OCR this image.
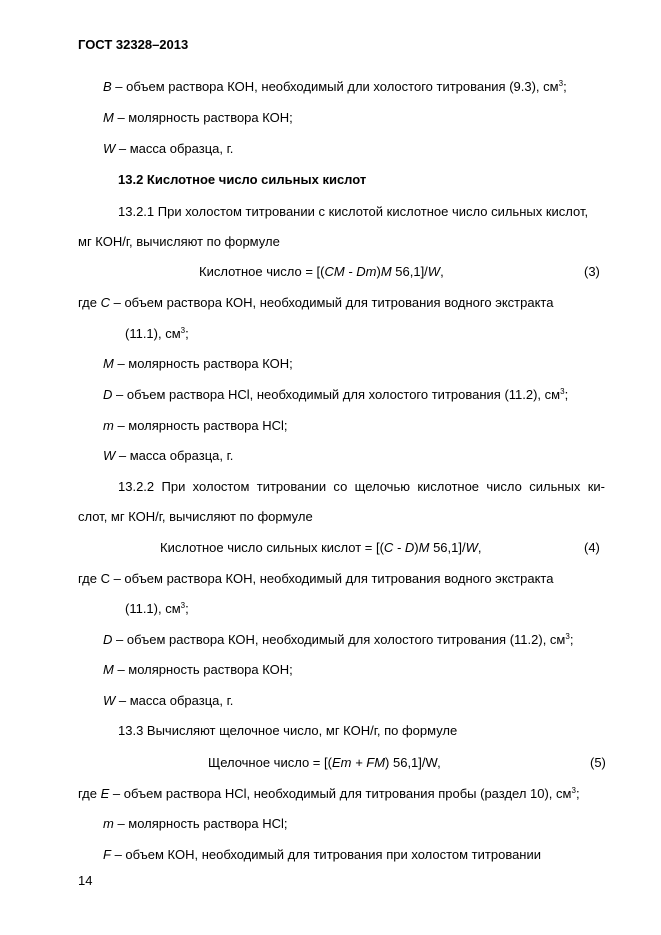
ГОСТ 32328–2013
B – объем раствора КОН, необходимый дли холостого титрования (9.3), $см^3$;
M – молярность раствора КОН;
W – масса образца, г.
13.2 Кислотное число сильных кислот
13.2.1 При холостом титровании с кислотой кислотное число сильных кислот,
мг КОН/г, вычисляют по формуле
Кислотное число = [(CM - Dm)M 56,1]/W,	(3)
где C – объем раствора КОН, необходимый для титрования водного экстракта
(11.1), $см^3$;
M – молярность раствора КОН;
D – объем раствора НСl, необходимый для холостого титрования (11.2), $см^3$;
m – молярность раствора НСl;
W – масса образца, г.
13.2.2 При холостом титровании со щелочью кислотное число сильных ки-
слот, мг КОН/г, вычисляют по формуле
Кислотное число сильных кислот = [(C - D)M 56,1]/W,	(4)
где С – объем раствора КОН, необходимый для титрования водного экстракта
(11.1), $см^3$;
D – объем раствора КОН, необходимый для холостого титрования (11.2), $см^3$;
M – молярность раствора КОН;
W – масса образца, г.
13.3 Вычисляют щелочное число, мг КОН/г, по формуле
Щелочное число = [(Em + FM) 56,1]/W,	(5)
где E – объем раствора НСl, необходимый для титрования пробы (раздел 10), $см^3$;
m – молярность раствора НСl;
F – объем КОН, необходимый для титрования при холостом титровании
14
